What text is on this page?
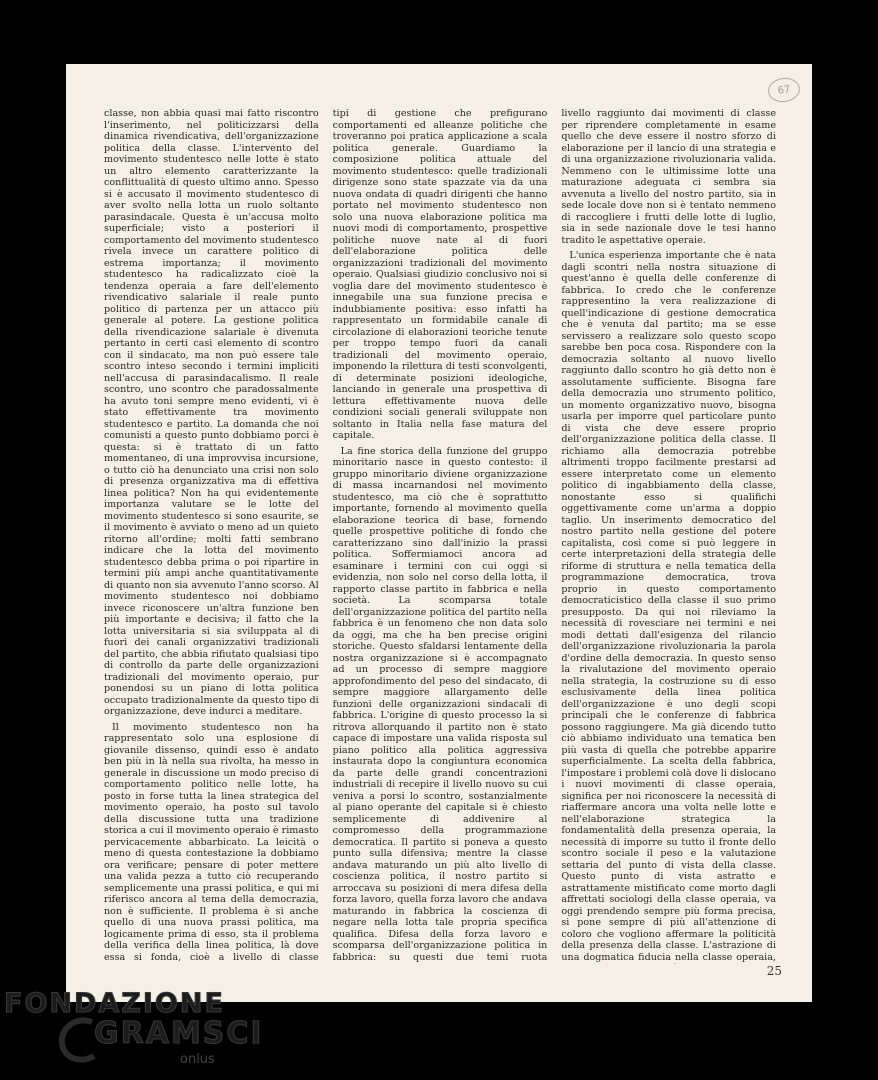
67

classe, non abbia quasi mai fatto riscontro l'inserimento, nel politicizzarsi della dinamica rivendicativa, dell'organizzazione politica della classe. L'intervento del movimento studentesco nelle lotte è stato un altro elemento caratterizzante la conflittualità di questo ultimo anno. Spesso si è accusato il movimento studentesco di aver svolto nella lotta un ruolo soltanto parasindacale. Questa è un'accusa molto superficiale; visto a posteriori il comportamento del movimento studentesco rivela invece un carattere politico di estrema importanza; il movimento studentesco ha radicalizzato cioè la tendenza operaia a fare dell'elemento rivendicativo salariale il reale punto politico di partenza per un attacco più generale al potere. La gestione politica della rivendicazione salariale è divenuta pertanto in certi casi elemento di scontro con il sindacato, ma non può essere tale scontro inteso secondo i termini impliciti nell'accusa di parasindacalismo. Il reale scontro, uno scontro che paradossalmente ha avuto toni sempre meno evidenti, vi è stato effettivamente tra movimento studentesco e partito. La domanda che noi comunisti a questo punto dobbiamo porci è questa: si è trattato di un fatto momentaneo, di una improvvisa incursione, o tutto ciò ha denunciato una crisi non solo di presenza organizzativa ma di effettiva linea politica? Non ha qui evidentemente importanza valutare se le lotte del movimento studentesco si sono esaurite, se il movimento è avviato o meno ad un quieto ritorno all'ordine; molti fatti sembrano indicare che la lotta del movimento studentesco debba prima o poi ripartire in termini più ampi anche quantitativamente di quanto non sia avvenuto l'anno scorso. Al movimento studentesco noi dobbiamo invece riconoscere un'altra funzione ben più importante e decisiva; il fatto che la lotta universitaria si sia sviluppata al di fuori dei canali organizzativi tradizionali del partito, che abbia rifiutato qualsiasi tipo di controllo da parte delle organizzazioni tradizionali del movimento operaio, pur ponendosi su un piano di lotta politica occupato tradizionalmente da questo tipo di organizzazione, deve indurci a meditare.

Il movimento studentesco non ha rappresentato solo una esplosione di giovanile dissenso, quindi esso è andato ben più in là nella sua rivolta, ha messo in generale in discussione un modo preciso di comportamento politico nelle lotte, ha posto in forse tutta la linea strategica del movimento operaio, ha posto sul tavolo della discussione tutta una tradizione storica a cui il movimento operaio è rimasto pervicacemente abbarbicato. La leicità o meno di questa contestazione la dobbiamo ora verificare; pensare di poter mettere una valida pezza a tutto ciò recuperando semplicemente una prassi politica, e qui mi riferisco ancora al tema della democrazia, non è sufficiente. Il problema è si anche quello di una nuova prassi politica, ma logicamente prima di esso, sta il problema della verifica della linea politica, là dove essa si fonda, cioè a livello di classe

tipi di gestione che prefigurano comportamenti ed alleanze politiche che troveranno poi pratica applicazione a scala politica generale. Guardiamo la composizione politica attuale del movimento studentesco: quelle tradizionali dirigenze sono state spazzate via da una nuova ondata di quadri dirigenti che hanno portato nel movimento studentesco non solo una nuova elaborazione politica ma nuovi modi di comportamento, prospettive politiche nuove nate al di fuori dell'elaborazione politica delle organizzazioni tradizionali del movimento operaio. Qualsiasi giudizio conclusivo noi si voglia dare del movimento studentesco è innegabile una sua funzione precisa e indubbiamente positiva: esso infatti ha rappresentato un formidabile canale di circolazione di elaborazioni teoriche tenute per troppo tempo fuori da canali tradizionali del movimento operaio, imponendo la rilettura di testi sconvolgenti, di determinate posizioni ideologiche, lanciando in generale una prospettiva di lettura effettivamente nuova delle condizioni sociali generali sviluppate non soltanto in Italia nella fase matura del capitale.

La fine storica della funzione del gruppo minoritario nasce in questo contesto: il gruppo minoritario diviene organizzazione di massa incarnandosi nel movimento studentesco, ma ciò che è soprattutto importante, fornendo al movimento quella elaborazione teorica di base, fornendo quelle prospettive politiche di fondo che caratterizzano sino dall'inizio la prassi politica. Soffermiamoci ancora ad esaminare i termini con cui oggi si evidenzia, non solo nel corso della lotta, il rapporto classe partito in fabbrica e nella società. La scomparsa totale dell'organizzazione politica del partito nella fabbrica è un fenomeno che non data solo da oggi, ma che ha ben precise origini storiche. Questo sfaldarsi lentamente della nostra organizzazione si è accompagnato ad un processo di sempre maggiore approfondimento del peso del sindacato, di sempre maggiore allargamento delle funzioni delle organizzazioni sindacali di fabbrica. L'origine di questo processo la si ritrova allorquando il partito non è stato capace di impostare una valida risposta sul piano politico alla politica aggressiva instaurata dopo la congiuntura economica da parte delle grandi concentrazioni industriali di recepire il livello nuovo su cui veniva a porsi lo scontro, sostanzialmente al piano operante del capitale si è chiesto semplicemente di addivenire al compromesso della programmazione democratica. Il partito si poneva a questo punto sulla difensiva; mentre la classe andava maturando un più alto livello di coscienza politica, il nostro partito si arroccava su posizioni di mera difesa della forza lavoro, quella forza lavoro che andava maturando in fabbrica la coscienza di negare nella lotta tale propria specifica qualifica. Difesa della forza lavoro e scomparsa dell'organizzazione politica in fabbrica: su questi due temi ruota

livello raggiunto dai movimenti di classe per riprendere completamente in esame quello che deve essere il nostro sforzo di elaborazione per il lancio di una strategia e di una organizzazione rivoluzionaria valida. Nemmeno con le ultimissime lotte una maturazione adeguata ci sembra sia avvenuta a livello del nostro partito, sia in sede locale dove non si è tentato nemmeno di raccogliere i frutti delle lotte di luglio, sia in sede nazionale dove le tesi hanno tradito le aspettative operaie.

L'unica esperienza importante che è nata dagli scontri nella nostra situazione di quest'anno è quella delle conferenze di fabbrica. Io credo che le conferenze rappresentino la vera realizzazione di quell'indicazione di gestione democratica che è venuta dal partito; ma se esse servissero a realizzare solo questo scopo sarebbe ben poca cosa. Rispondere con la democrazia soltanto al nuovo livello raggiunto dallo scontro ho già detto non è assolutamente sufficiente. Bisogna fare della democrazia uno strumento politico, un momento organizzativo nuovo, bisogna usarla per imporre quel particolare punto di vista che deve essere proprio dell'organizzazione politica della classe. Il richiamo alla democrazia potrebbe altrimenti troppo facilmente prestarsi ad essere interpretato come un elemento politico di ingabbiamento della classe, nonostante esso si qualifichi oggettivamente come un'arma a doppio taglio. Un inserimento democratico del nostro partito nella gestione del potere capitalista, così come si può leggere in certe interpretazioni della strategia delle riforme di struttura e nella tematica della programmazione democratica, trova proprio in questo comportamento democraticistico della classe il suo primo presupposto. Da qui noi rileviamo la necessità di rovesciare nei termini e nei modi dettati dall'esigenza del rilancio dell'organizzazione rivoluzionaria la parola d'ordine della democrazia. In questo senso la rivalutazione del movimento operaio nella strategia, la costruzione su di esso esclusivamente della linea politica dell'organizzazione è uno degli scopi principali che le conferenze di fabbrica possono raggiungere. Ma già dicendo tutto ciò abbiamo individuato una tematica ben più vasta di quella che potrebbe apparire superficialmente. La scelta della fabbrica, l'impostare i problemi colà dove li dislocano i nuovi movimenti di classe operaia, significa per noi riconoscere la necessità di riaffermare ancora una volta nelle lotte e nell'elaborazione strategica la fondamentalità della presenza operaia, la necessità di imporre su tutto il fronte dello scontro sociale il peso e la valutazione settaria del punto di vista della classe. Questo punto di vista astratto e astrattamente mistificato come morto dagli affrettati sociologi della classe operaia, va oggi prendendo sempre più forma precisa, si pone sempre di più all'attenzione di coloro che vogliono affermare la politicità della presenza della classe. L'astrazione di una dogmatica fiducia nella classe operaia,

25
FONDAZIONE
GRAMSCI
onlus
